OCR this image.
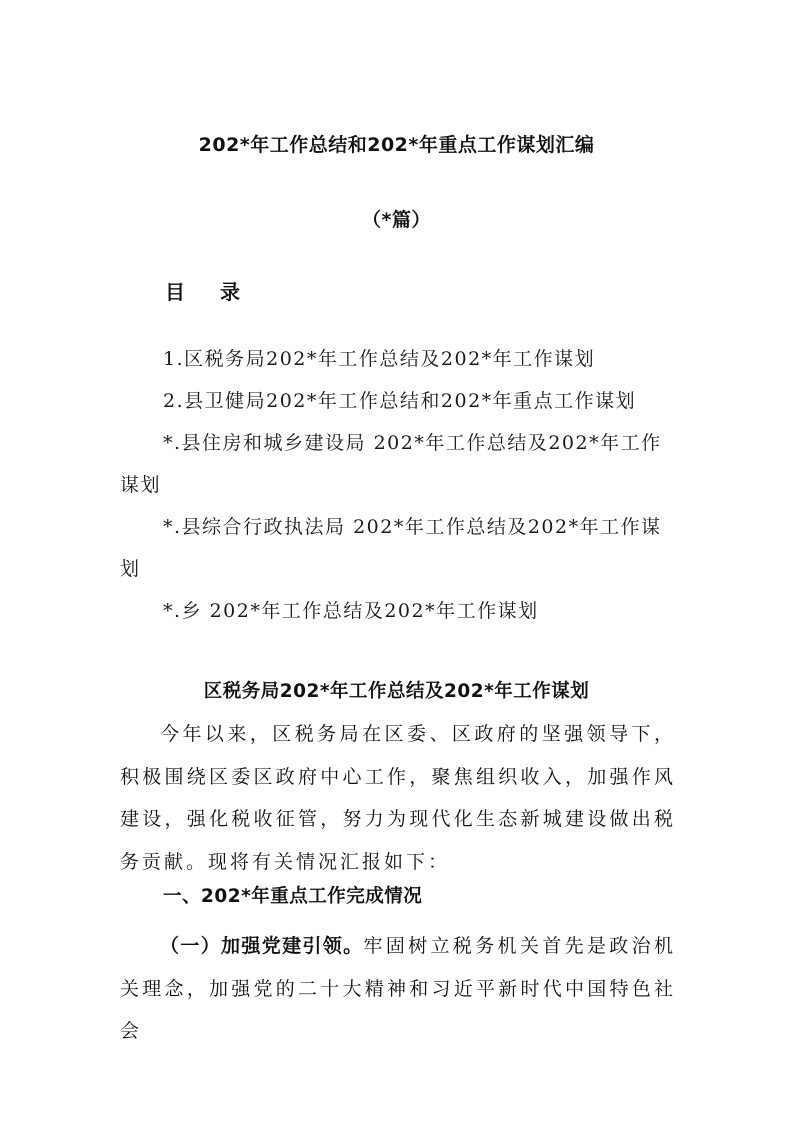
202*年工作总结和202*年重点工作谋划汇编
（*篇）
目 录
1.区税务局202*年工作总结及202*年工作谋划
2.县卫健局202*年工作总结和202*年重点工作谋划
*.县住房和城乡建设局 202*年工作总结及202*年工作谋划
*.县综合行政执法局 202*年工作总结及202*年工作谋划
*.乡 202*年工作总结及202*年工作谋划
区税务局202*年工作总结及202*年工作谋划

今年以来，区税务局在区委、区政府的坚强领导下，积极围绕区委区政府中心工作，聚焦组织收入，加强作风建设，强化税收征管，努力为现代化生态新城建设做出税务贡献。现将有关情况汇报如下：

一、202*年重点工作完成情况

（一）加强党建引领。牢固树立税务机关首先是政治机关理念，加强党的二十大精神和习近平新时代中国特色社会
